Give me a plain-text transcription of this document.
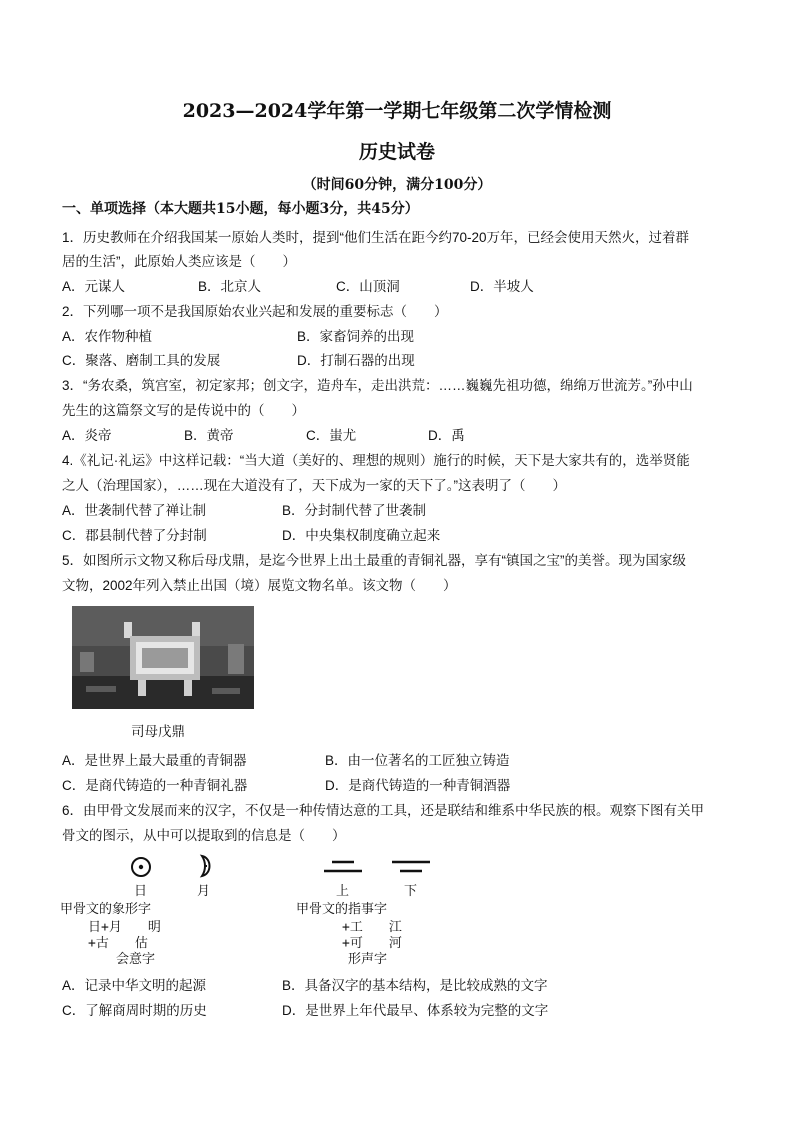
2023—2024学年第一学期七年级第二次学情检测
历史试卷
（时间60分钟，满分100分）
一、单项选择（本大题共15小题，每小题3分，共45分）
1．历史教师在介绍我国某一原始人类时，提到“他们生活在距今约70-20万年，已经会使用天然火，过着群
居的生活”，此原始人类应该是（　　）
A．元谋人	B．北京人	C．山顶洞	D．半坡人
2．下列哪一项不是我国原始农业兴起和发展的重要标志（　　）
A．农作物种植	B．家畜饲养的出现
C．聚落、磨制工具的发展	D．打制石器的出现
3．“务农桑，筑宫室，初定家邦；创文字，造舟车，走出洪荒：……巍巍先祖功德，绵绵万世流芳。”孙中山
先生的这篇祭文写的是传说中的（　　）
A．炎帝	B．黄帝	C．蚩尤	D．禹
4.《礼记·礼运》中这样记载：“当大道（美好的、理想的规则）施行的时候，天下是大家共有的，选举贤能
之人（治理国家），……现在大道没有了，天下成为一家的天下了。”这表明了（　　）
A．世袭制代替了禅让制	B．分封制代替了世袭制
C．郡县制代替了分封制	D．中央集权制度确立起来
5．如图所示文物又称后母戊鼎，是迄今世界上出土最重的青铜礼器，享有“镇国之宝”的美誉。现为国家级
文物，2002年列入禁止出国（境）展览文物名单。该文物（　　）
司母戊鼎
A．是世界上最大最重的青铜器	B．由一位著名的工匠独立铸造
C．是商代铸造的一种青铜礼器	D．是商代铸造的一种青铜酒器
6．由甲骨文发展而来的汉字，不仅是一种传情达意的工具，还是联结和维系中华民族的根。观察下图有关甲
骨文的图示，从中可以提取到的信息是（　　）
日	月
甲骨文的象形字
日+月　　明
+古　　估
会意字
上	下
甲骨文的指事字
+工　　江
+可　　河
形声字
A．记录中华文明的起源	B．具备汉字的基本结构，是比较成熟的文字
C．了解商周时期的历史	D．是世界上年代最早、体系较为完整的文字
